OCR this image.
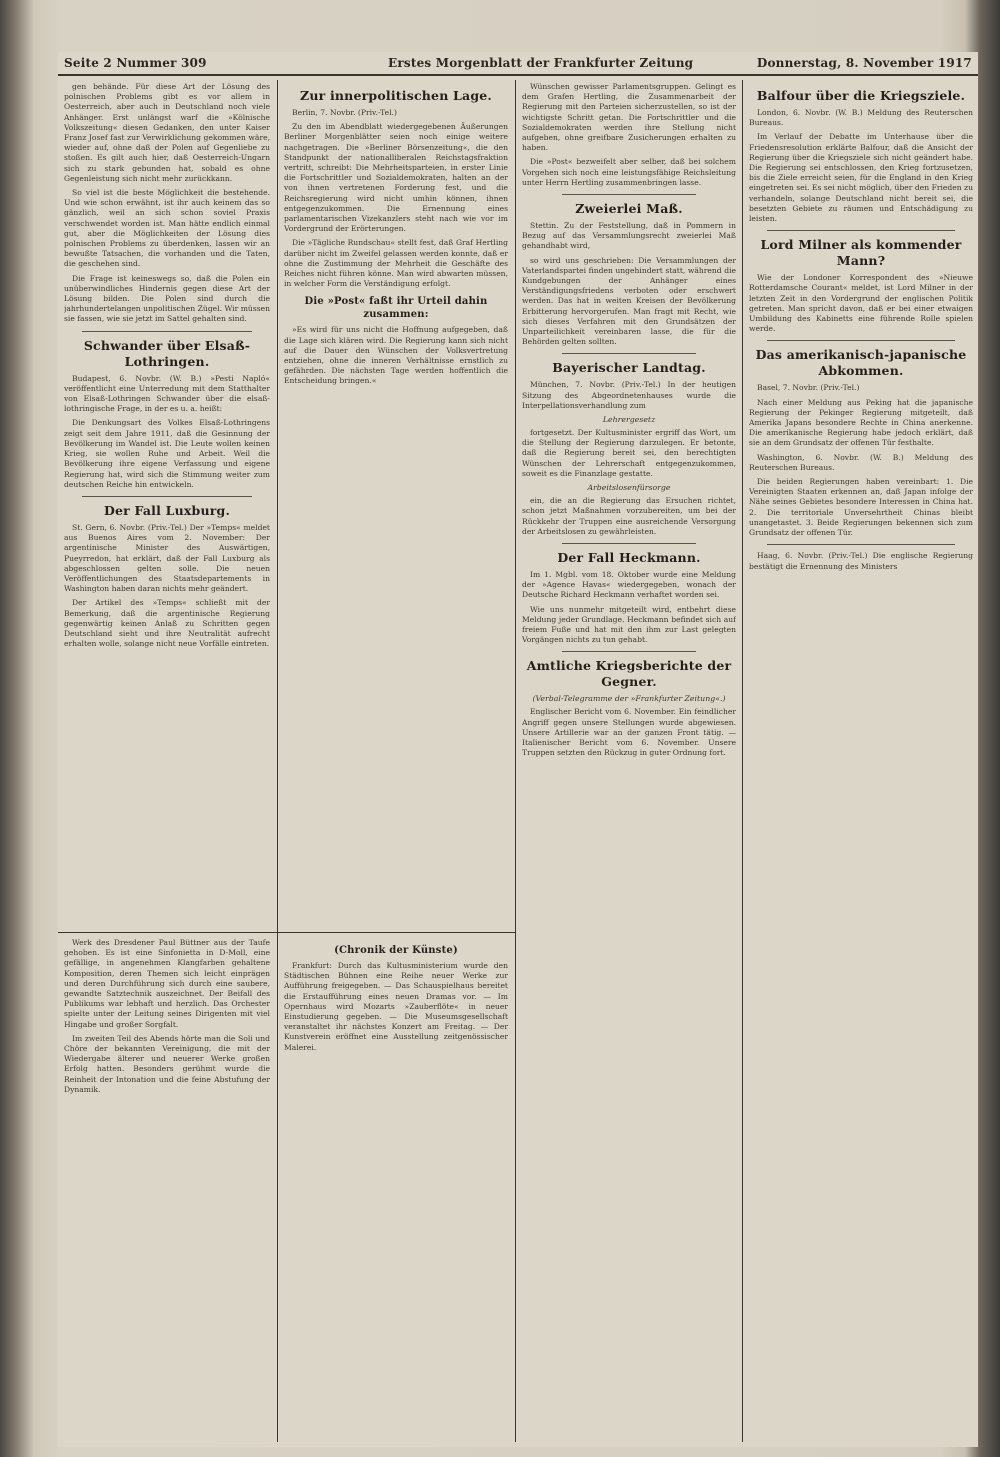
Seite 2 Nummer 309	Erstes Morgenblatt der Frankfurter Zeitung	Donnerstag, 8. November 1917

gen behände. Für diese Art der Lösung des polnischen Problems gibt es vor allem in Oesterreich, aber auch in Deutschland noch viele Anhänger. Erst unlängst warf die »Kölnische Volkszeitung« diesen Gedanken, den unter Kaiser Franz Josef fast zur Verwirklichung gekommen wäre, wieder auf, ohne daß der Polen auf Gegenliebe zu stoßen. Es gilt auch hier, daß Oesterreich-Ungarn sich zu stark gebunden hat, sobald es ohne Gegenleistung sich nicht mehr zurückkann.

So viel ist die beste Möglichkeit die bestehende. Und wie schon erwähnt, ist ihr auch keinem das so gänzlich, weil an sich schon soviel Praxis verschwendet worden ist. Man hätte endlich einmal gut, aber die Möglichkeiten der Lösung dies polnischen Problems zu überdenken, lassen wir an bewußte Tatsachen, die vorhanden und die Taten, die geschehen sind.

Die Frage ist keineswegs so, daß die Polen ein unüberwindliches Hindernis gegen diese Art der Lösung bilden. Die Polen sind durch die jahrhundertelangen unpolitischen Zügel. Wir müssen sie fassen, wie sie jetzt im Sattel gehalten sind.

Schwander über Elsaß-Lothringen.

Budapest, 6. Novbr. (W. B.) »Pesti Napló« veröffentlicht eine Unterredung mit dem Statthalter von Elsaß-Lothringen Schwander über die elsaß-lothringische Frage, in der es u. a. heißt:

Die Denkungsart des Volkes Elsaß-Lothringens zeigt seit dem Jahre 1911, daß die Gesinnung der Bevölkerung im Wandel ist. Die Leute wollen keinen Krieg, sie wollen Ruhe und Arbeit. Weil die Bevölkerung ihre eigene Verfassung und eigene Regierung hat, wird sich die Stimmung weiter zum deutschen Reiche hin entwickeln.

Der Fall Luxburg.

St. Gern, 6. Novbr. (Priv.-Tel.) Der »Temps« meldet aus Buenos Aires vom 2. November: Der argentinische Minister des Auswärtigen, Pueyrredon, hat erklärt, daß der Fall Luxburg als abgeschlossen gelten solle. Die neuen Veröffentlichungen des Staatsdepartements in Washington haben daran nichts mehr geändert.

Der Artikel des »Temps« schließt mit der Bemerkung, daß die argentinische Regierung gegenwärtig keinen Anlaß zu Schritten gegen Deutschland sieht und ihre Neutralität aufrecht erhalten wolle, solange nicht neue Vorfälle eintreten.

Werk des Dresdener Paul Büttner aus der Taufe gehoben. Es ist eine Sinfonietta in D-Moll, eine gefällige, in angenehmen Klangfarben gehaltene Komposition, deren Themen sich leicht einprägen und deren Durchführung sich durch eine saubere, gewandte Satztechnik auszeichnet. Der Beifall des Publikums war lebhaft und herzlich. Das Orchester spielte unter der Leitung seines Dirigenten mit viel Hingabe und großer Sorgfalt.

Im zweiten Teil des Abends hörte man die Soli und Chöre der bekannten Vereinigung, die mit der Wiedergabe älterer und neuerer Werke großen Erfolg hatten. Besonders gerühmt wurde die Reinheit der Intonation und die feine Abstufung der Dynamik.

Zur innerpolitischen Lage.

Berlin, 7. Novbr. (Priv.-Tel.)

Zu den im Abendblatt wiedergegebenen Äußerungen Berliner Morgenblätter seien noch einige weitere nachgetragen. Die »Berliner Börsenzeitung«, die den Standpunkt der nationalliberalen Reichstagsfraktion vertritt, schreibt: Die Mehrheitsparteien, in erster Linie die Fortschrittler und Sozialdemokraten, halten an der von ihnen vertretenen Forderung fest, und die Reichsregierung wird nicht umhin können, ihnen entgegenzukommen. Die Ernennung eines parlamentarischen Vizekanzlers steht nach wie vor im Vordergrund der Erörterungen.

Die »Tägliche Rundschau« stellt fest, daß Graf Hertling darüber nicht im Zweifel gelassen werden konnte, daß er ohne die Zustimmung der Mehrheit die Geschäfte des Reiches nicht führen könne. Man wird abwarten müssen, in welcher Form die Verständigung erfolgt.

Die »Post« faßt ihr Urteil dahin zusammen:

»Es wird für uns nicht die Hoffnung aufgegeben, daß die Lage sich klären wird. Die Regierung kann sich nicht auf die Dauer den Wünschen der Volksvertretung entziehen, ohne die inneren Verhältnisse ernstlich zu gefährden. Die nächsten Tage werden hoffentlich die Entscheidung bringen.«

(Chronik der Künste)

Frankfurt: Durch das Kultusministerium wurde den Städtischen Bühnen eine Reihe neuer Werke zur Aufführung freigegeben. — Das Schauspielhaus bereitet die Erstaufführung eines neuen Dramas vor. — Im Opernhaus wird Mozarts »Zauberflöte« in neuer Einstudierung gegeben. — Die Museumsgesellschaft veranstaltet ihr nächstes Konzert am Freitag. — Der Kunstverein eröffnet eine Ausstellung zeitgenössischer Malerei.

Wünschen gewisser Parlamentsgruppen. Gelingt es dem Grafen Hertling, die Zusammenarbeit der Regierung mit den Parteien sicherzustellen, so ist der wichtigste Schritt getan. Die Fortschrittler und die Sozialdemokraten werden ihre Stellung nicht aufgeben, ohne greifbare Zusicherungen erhalten zu haben.

Die »Post« bezweifelt aber selber, daß bei solchem Vorgehen sich noch eine leistungsfähige Reichsleitung unter Herrn Hertling zusammenbringen lasse.

Zweierlei Maß.

Stettin. Zu der Feststellung, daß in Pommern in Bezug auf das Versammlungsrecht zweierlei Maß gehandhabt wird,

so wird uns geschrieben: Die Versammlungen der Vaterlandspartei finden ungehindert statt, während die Kundgebungen der Anhänger eines Verständigungsfriedens verboten oder erschwert werden. Das hat in weiten Kreisen der Bevölkerung Erbitterung hervorgerufen. Man fragt mit Recht, wie sich dieses Verfahren mit den Grundsätzen der Unparteilichkeit vereinbaren lasse, die für die Behörden gelten sollten.

Bayerischer Landtag.

München, 7. Novbr. (Priv.-Tel.) In der heutigen Sitzung des Abgeordnetenhauses wurde die Interpellationsverhandlung zum

Lehrergesetz

fortgesetzt. Der Kultusminister ergriff das Wort, um die Stellung der Regierung darzulegen. Er betonte, daß die Regierung bereit sei, den berechtigten Wünschen der Lehrerschaft entgegenzukommen, soweit es die Finanzlage gestatte.

Arbeitslosenfürsorge

ein, die an die Regierung das Ersuchen richtet, schon jetzt Maßnahmen vorzubereiten, um bei der Rückkehr der Truppen eine ausreichende Versorgung der Arbeitslosen zu gewährleisten.

Der Fall Heckmann.

Im 1. Mgbl. vom 18. Oktober wurde eine Meldung der »Agence Havas« wiedergegeben, wonach der Deutsche Richard Heckmann verhaftet worden sei.

Wie uns nunmehr mitgeteilt wird, entbehrt diese Meldung jeder Grundlage. Heckmann befindet sich auf freiem Fuße und hat mit den ihm zur Last gelegten Vorgängen nichts zu tun gehabt.

Amtliche Kriegsberichte der Gegner.
(Verbal-Telegramme der »Frankfurter Zeitung«.)

Englischer Bericht vom 6. November. Ein feindlicher Angriff gegen unsere Stellungen wurde abgewiesen. Unsere Artillerie war an der ganzen Front tätig. — Italienischer Bericht vom 6. November. Unsere Truppen setzten den Rückzug in guter Ordnung fort.

Balfour über die Kriegsziele.

London, 6. Novbr. (W. B.) Meldung des Reuterschen Bureaus.

Im Verlauf der Debatte im Unterhause über die Friedensresolution erklärte Balfour, daß die Ansicht der Regierung über die Kriegsziele sich nicht geändert habe. Die Regierung sei entschlossen, den Krieg fortzusetzen, bis die Ziele erreicht seien, für die England in den Krieg eingetreten sei. Es sei nicht möglich, über den Frieden zu verhandeln, solange Deutschland nicht bereit sei, die besetzten Gebiete zu räumen und Entschädigung zu leisten.

Lord Milner als kommender Mann?

Wie der Londoner Korrespondent des »Nieuwe Rotterdamsche Courant« meldet, ist Lord Milner in der letzten Zeit in den Vordergrund der englischen Politik getreten. Man spricht davon, daß er bei einer etwaigen Umbildung des Kabinetts eine führende Rolle spielen werde.

Das amerikanisch-japanische Abkommen.

Basel, 7. Novbr. (Priv.-Tel.)

Nach einer Meldung aus Peking hat die japanische Regierung der Pekinger Regierung mitgeteilt, daß Amerika Japans besondere Rechte in China anerkenne. Die amerikanische Regierung habe jedoch erklärt, daß sie an dem Grundsatz der offenen Tür festhalte.

Washington, 6. Novbr. (W. B.) Meldung des Reuterschen Bureaus.

Die beiden Regierungen haben vereinbart: 1. Die Vereinigten Staaten erkennen an, daß Japan infolge der Nähe seines Gebietes besondere Interessen in China hat. 2. Die territoriale Unversehrtheit Chinas bleibt unangetastet. 3. Beide Regierungen bekennen sich zum Grundsatz der offenen Tür.

Haag, 6. Novbr. (Priv.-Tel.) Die englische Regierung bestätigt die Ernennung des Ministers
